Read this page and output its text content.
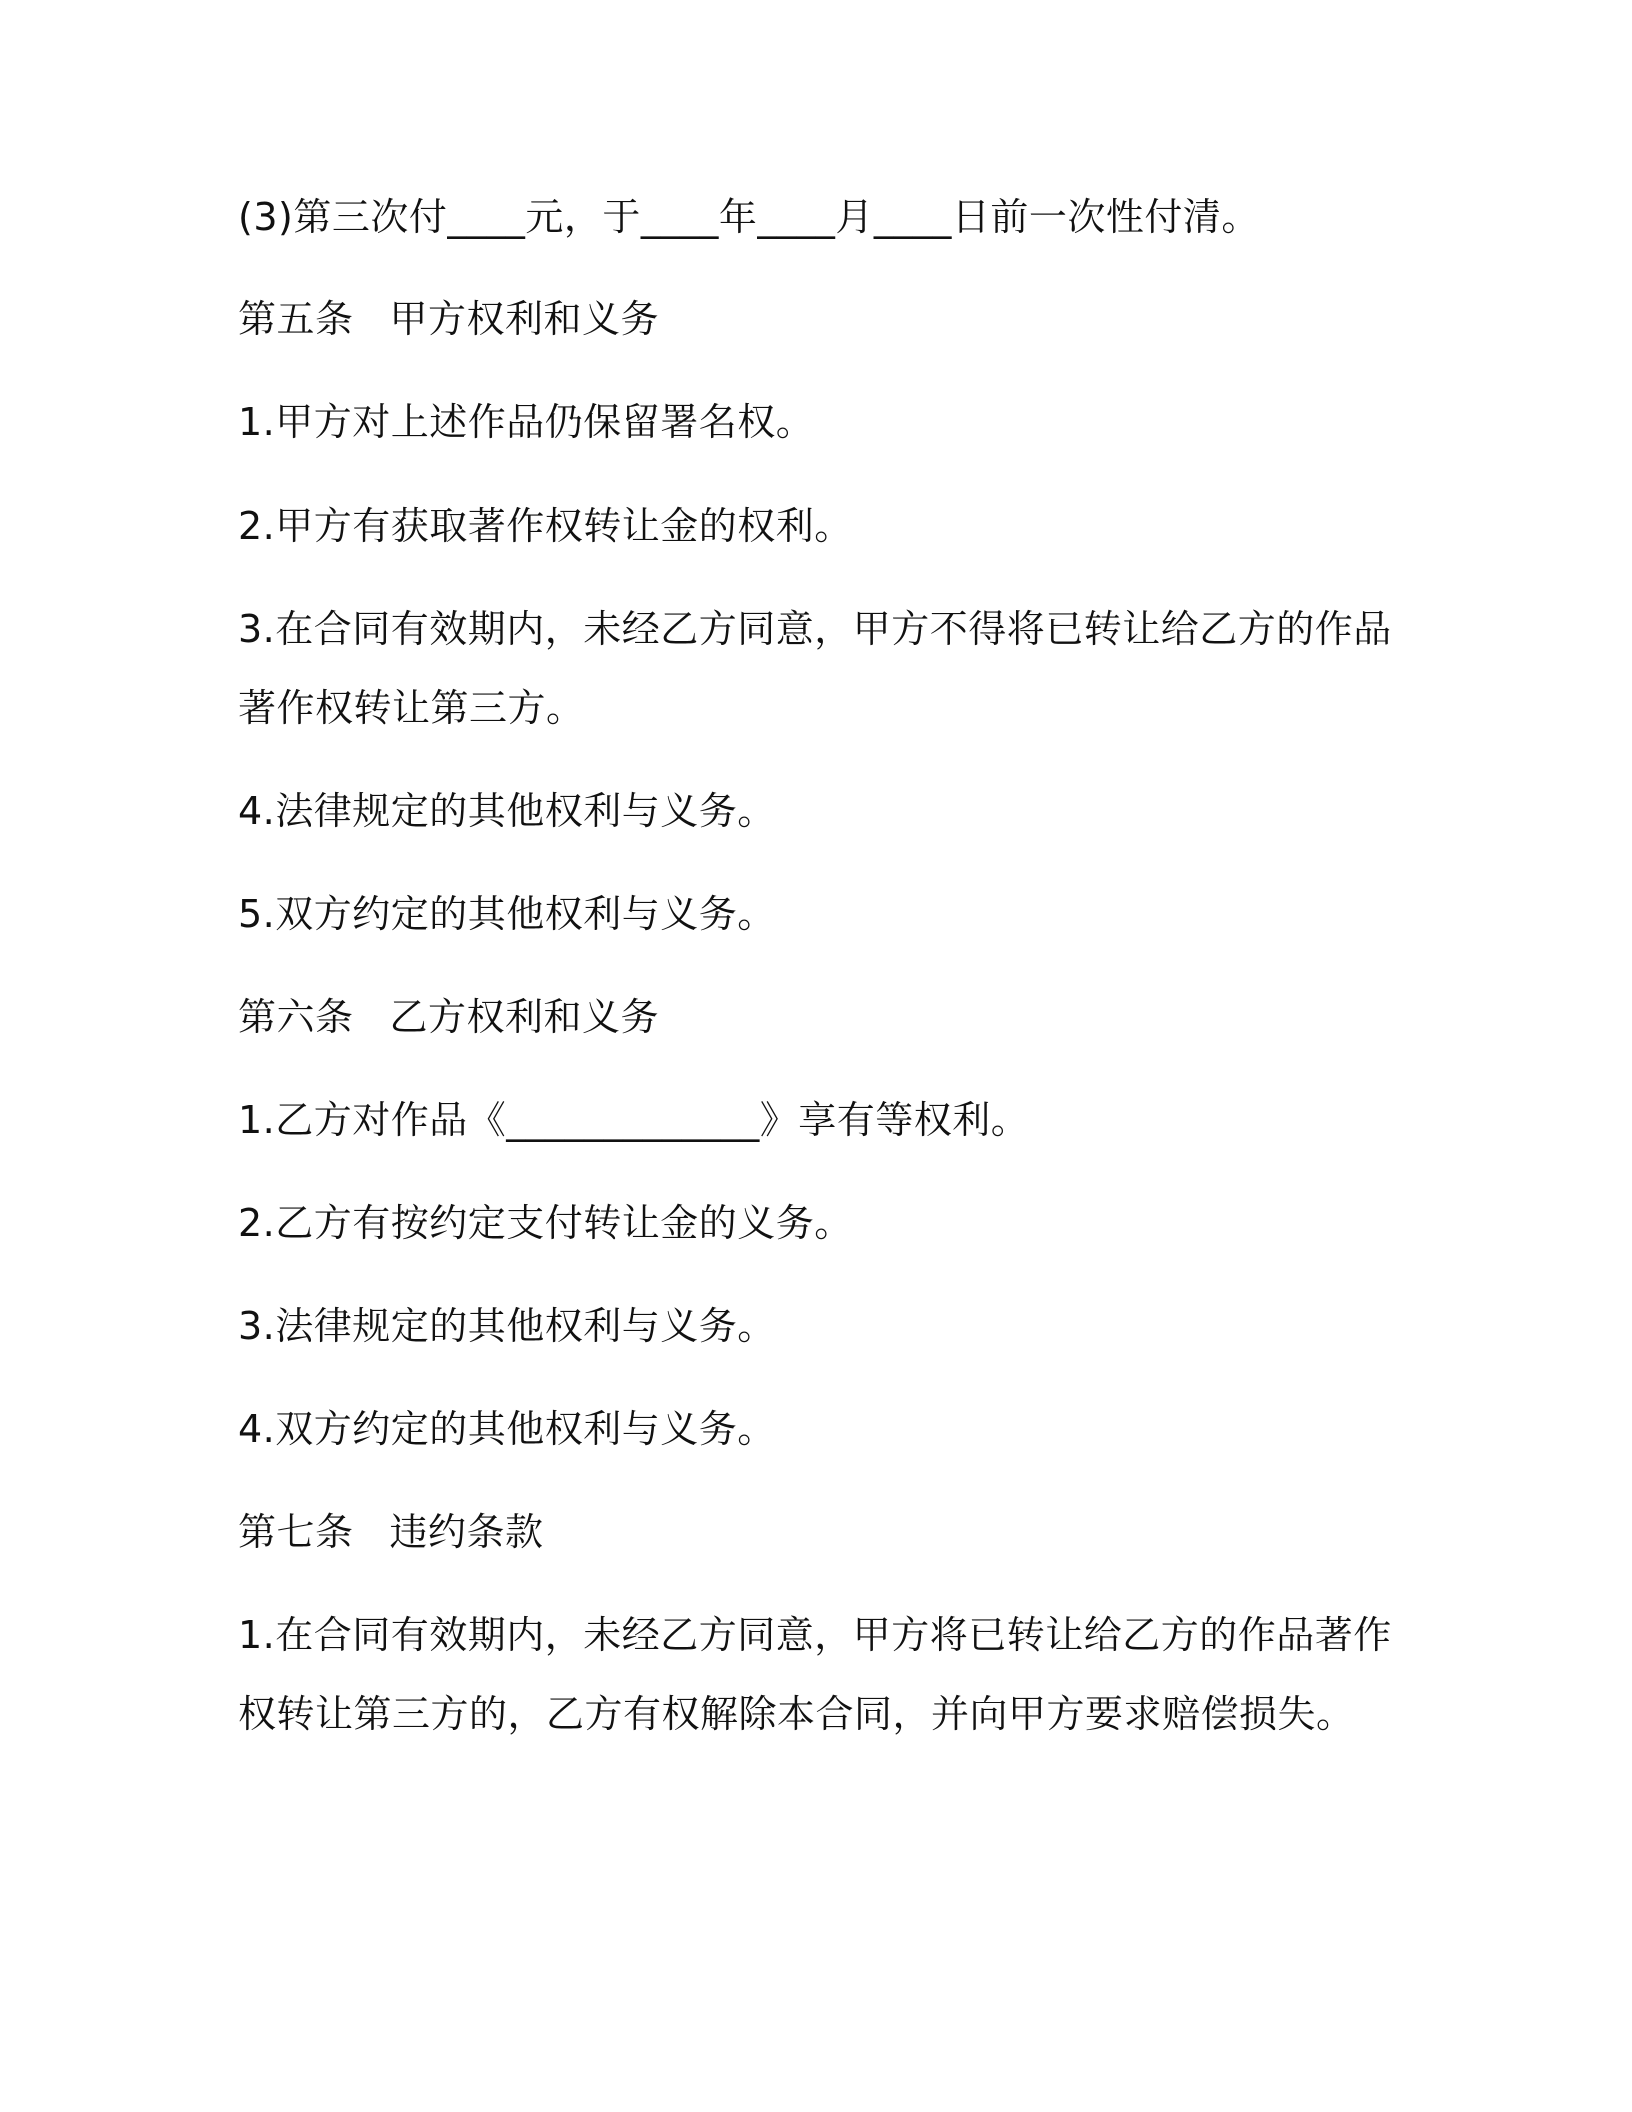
(3)第三次付____元，于____年____月____日前一次性付清。
第五条 甲方权利和义务
1.甲方对上述作品仍保留署名权。
2.甲方有获取著作权转让金的权利。
3.在合同有效期内，未经乙方同意，甲方不得将已转让给乙方的作品
著作权转让第三方。
4.法律规定的其他权利与义务。
5.双方约定的其他权利与义务。
第六条 乙方权利和义务
1.乙方对作品《_____________》享有等权利。
2.乙方有按约定支付转让金的义务。
3.法律规定的其他权利与义务。
4.双方约定的其他权利与义务。
第七条 违约条款
1.在合同有效期内，未经乙方同意，甲方将已转让给乙方的作品著作
权转让第三方的，乙方有权解除本合同，并向甲方要求赔偿损失。
